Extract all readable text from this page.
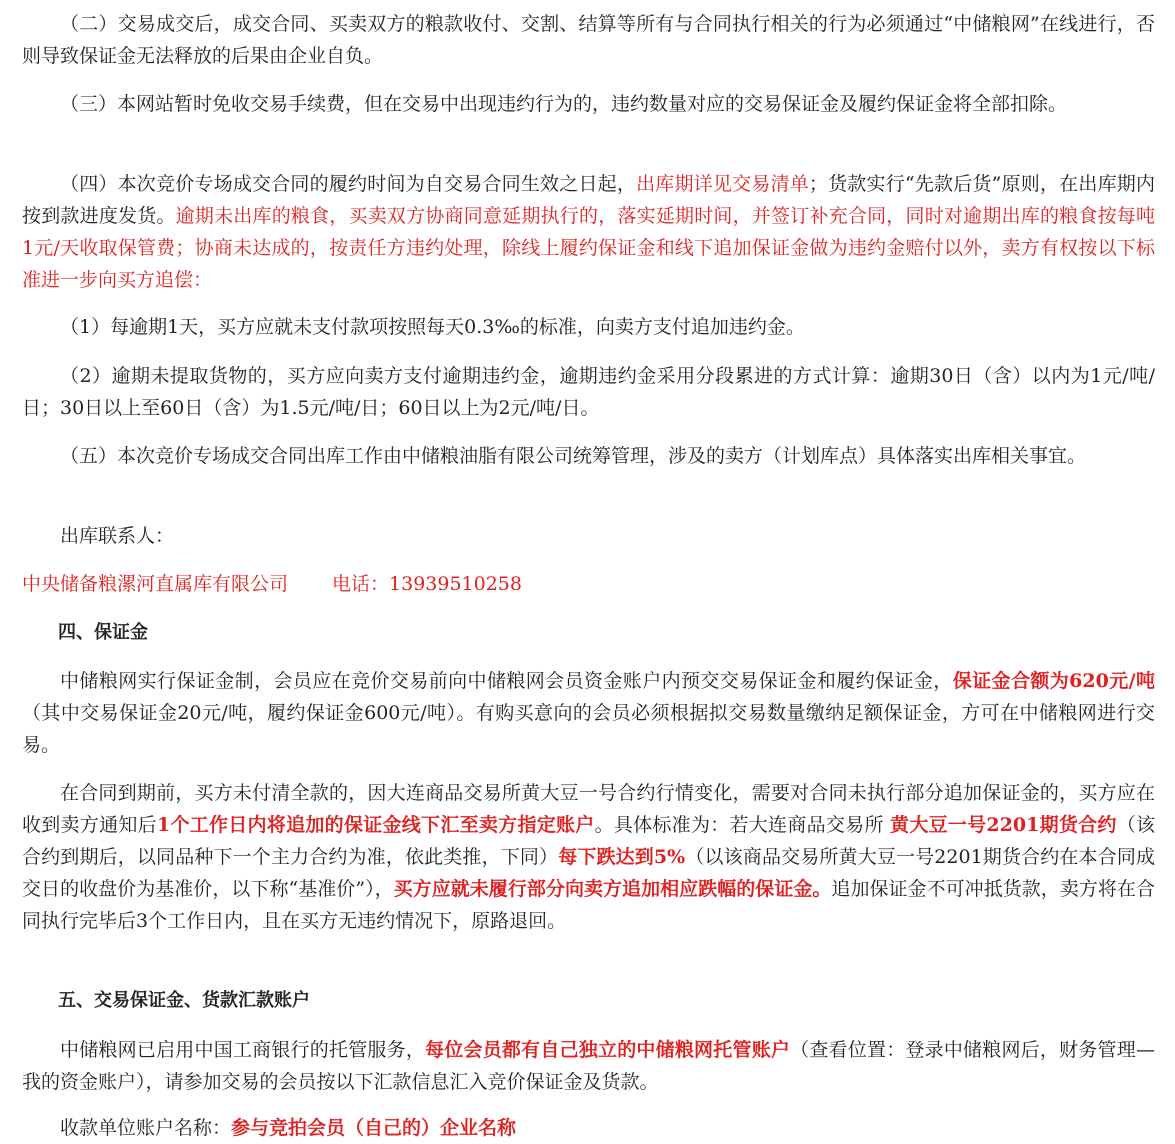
（二）交易成交后，成交合同、买卖双方的粮款收付、交割、结算等所有与合同执行相关的行为必须通过“中储粮网”在线进行，否则导致保证金无法释放的后果由企业自负。

（三）本网站暂时免收交易手续费，但在交易中出现违约行为的，违约数量对应的交易保证金及履约保证金将全部扣除。

（四）本次竞价专场成交合同的履约时间为自交易合同生效之日起，出库期详见交易清单；货款实行“先款后货”原则，在出库期内按到款进度发货。逾期未出库的粮食，买卖双方协商同意延期执行的，落实延期时间，并签订补充合同，同时对逾期出库的粮食按每吨1元/天收取保管费；协商未达成的，按责任方违约处理，除线上履约保证金和线下追加保证金做为违约金赔付以外，卖方有权按以下标准进一步向买方追偿：

（1）每逾期1天，买方应就未支付款项按照每天0.3‰的标准，向卖方支付追加违约金。

（2）逾期未提取货物的，买方应向卖方支付逾期违约金，逾期违约金采用分段累进的方式计算：逾期30日（含）以内为1元/吨/日；30日以上至60日（含）为1.5元/吨/日；60日以上为2元/吨/日。

（五）本次竞价专场成交合同出库工作由中储粮油脂有限公司统筹管理，涉及的卖方（计划库点）具体落实出库相关事宜。

出库联系人：

中央储备粮漯河直属库有限公司 电话：13939510258

四、保证金

中储粮网实行保证金制，会员应在竞价交易前向中储粮网会员资金账户内预交交易保证金和履约保证金，保证金合额为620元/吨（其中交易保证金20元/吨，履约保证金600元/吨）。有购买意向的会员必须根据拟交易数量缴纳足额保证金，方可在中储粮网进行交易。

在合同到期前，买方未付清全款的，因大连商品交易所黄大豆一号合约行情变化，需要对合同未执行部分追加保证金的，买方应在收到卖方通知后1个工作日内将追加的保证金线下汇至卖方指定账户。具体标准为：若大连商品交易所 黄大豆一号2201期货合约（该合约到期后，以同品种下一个主力合约为准，依此类推，下同）每下跌达到5%（以该商品交易所黄大豆一号2201期货合约在本合同成交日的收盘价为基准价，以下称“基准价”），买方应就未履行部分向卖方追加相应跌幅的保证金。追加保证金不可冲抵货款，卖方将在合同执行完毕后3个工作日内，且在买方无违约情况下，原路退回。

五、交易保证金、货款汇款账户

中储粮网已启用中国工商银行的托管服务，每位会员都有自己独立的中储粮网托管账户（查看位置：登录中储粮网后，财务管理—我的资金账户），请参加交易的会员按以下汇款信息汇入竞价保证金及货款。

收款单位账户名称：参与竞拍会员（自己的）企业名称
